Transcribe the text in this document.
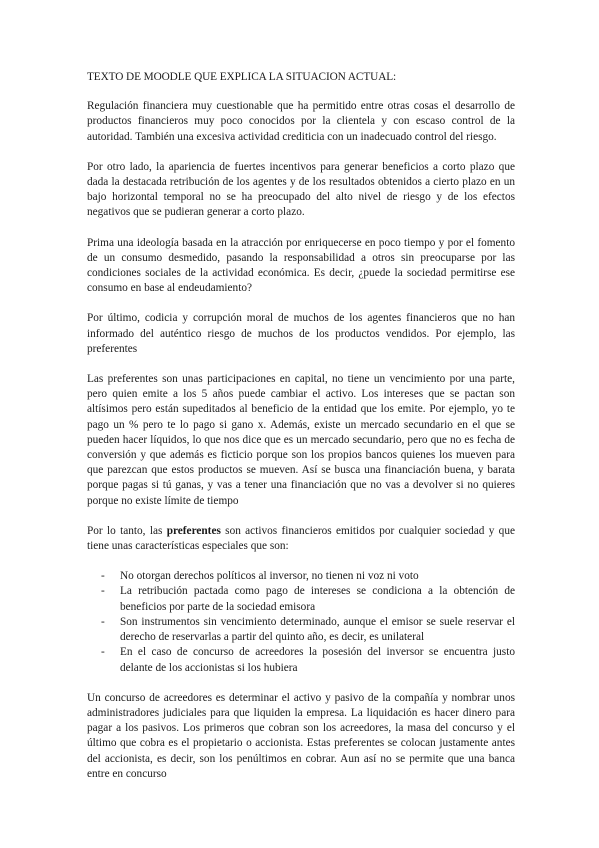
TEXTO DE MOODLE QUE EXPLICA LA SITUACION ACTUAL:

Regulación financiera muy cuestionable que ha permitido entre otras cosas el desarrollo de productos financieros muy poco conocidos por la clientela y con escaso control de la autoridad. También una excesiva actividad crediticia con un inadecuado control del riesgo.

Por otro lado, la apariencia de fuertes incentivos para generar beneficios a corto plazo que dada la destacada retribución de los agentes y de los resultados obtenidos a cierto plazo en un bajo horizontal temporal no se ha preocupado del alto nivel de riesgo y de los efectos negativos que se pudieran generar a corto plazo.

Prima una ideología basada en la atracción por enriquecerse en poco tiempo y por el fomento de un consumo desmedido, pasando la responsabilidad a otros sin preocuparse por las condiciones sociales de la actividad económica. Es decir, ¿puede la sociedad permitirse ese consumo en base al endeudamiento?

Por último, codicia y corrupción moral de muchos de los agentes financieros que no han informado del auténtico riesgo de muchos de los productos vendidos. Por ejemplo, las preferentes

Las preferentes son unas participaciones en capital, no tiene un vencimiento por una parte, pero quien emite a los 5 años puede cambiar el activo. Los intereses que se pactan son altísimos pero están supeditados al beneficio de la entidad que los emite. Por ejemplo, yo te pago un % pero te lo pago si gano x. Además, existe un mercado secundario en el que se pueden hacer líquidos, lo que nos dice que es un mercado secundario, pero que no es fecha de conversión y que además es ficticio porque son los propios bancos quienes los mueven para que parezcan que estos productos se mueven. Así se busca una financiación buena, y barata porque pagas si tú ganas, y vas a tener una financiación que no vas a devolver si no quieres porque no existe límite de tiempo

Por lo tanto, las preferentes son activos financieros emitidos por cualquier sociedad y que tiene unas características especiales que son:

- No otorgan derechos políticos al inversor, no tienen ni voz ni voto
- La retribución pactada como pago de intereses se condiciona a la obtención de beneficios por parte de la sociedad emisora
- Son instrumentos sin vencimiento determinado, aunque el emisor se suele reservar el derecho de reservarlas a partir del quinto año, es decir, es unilateral
- En el caso de concurso de acreedores la posesión del inversor se encuentra justo delante de los accionistas si los hubiera

Un concurso de acreedores es determinar el activo y pasivo de la compañía y nombrar unos administradores judiciales para que liquiden la empresa. La liquidación es hacer dinero para pagar a los pasivos. Los primeros que cobran son los acreedores, la masa del concurso y el último que cobra es el propietario o accionista. Estas preferentes se colocan justamente antes del accionista, es decir, son los penúltimos en cobrar. Aun así no se permite que una banca entre en concurso
